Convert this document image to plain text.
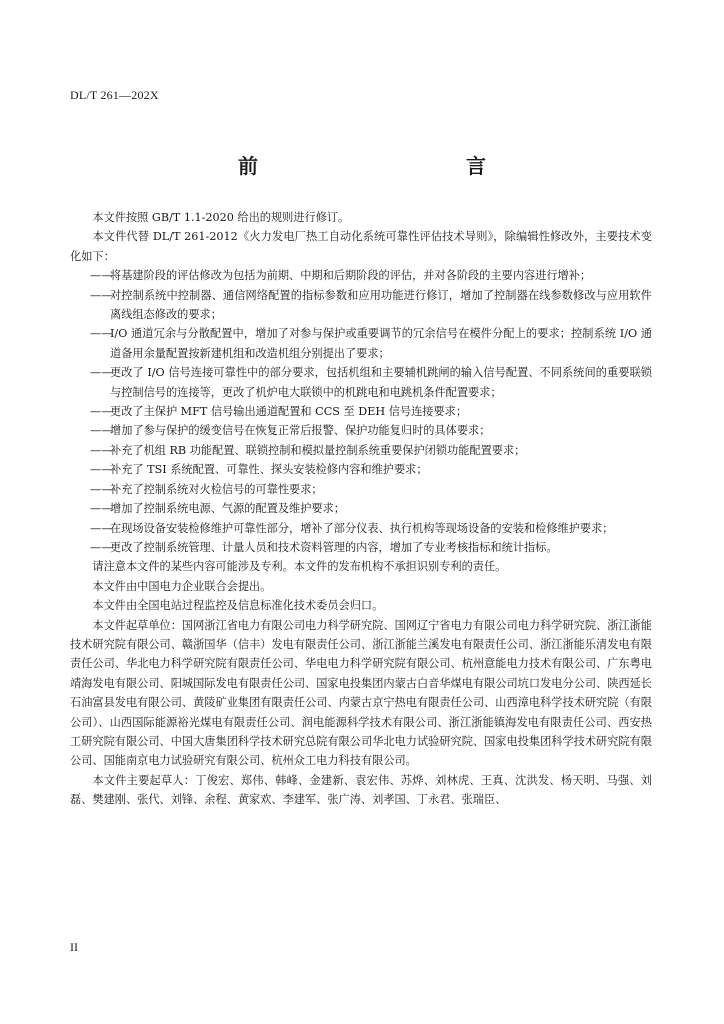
DL/T 261—202X
前　　言

本文件按照 GB/T 1.1-2020 给出的规则进行修订。

本文件代替 DL/T 261-2012《火力发电厂热工自动化系统可靠性评估技术导则》，除编辑性修改外，主要技术变化如下：

——
将基建阶段的评估修改为包括为前期、中期和后期阶段的评估，并对各阶段的主要内容进行增补；
——
对控制系统中控制器、通信网络配置的指标参数和应用功能进行修订，增加了控制器在线参数修改与应用软件离线组态修改的要求；
——
I/O 通道冗余与分散配置中，增加了对参与保护或重要调节的冗余信号在模件分配上的要求；控制系统 I/O 通道备用余量配置按新建机组和改造机组分别提出了要求；
——
更改了 I/O 信号连接可靠性中的部分要求，包括机组和主要辅机跳闸的输入信号配置、不同系统间的重要联锁与控制信号的连接等，更改了机炉电大联锁中的机跳电和电跳机条件配置要求；
——
更改了主保护 MFT 信号输出通道配置和 CCS 至 DEH 信号连接要求；
——
增加了参与保护的缓变信号在恢复正常后报警、保护功能复归时的具体要求；
——
补充了机组 RB 功能配置、联锁控制和模拟量控制系统重要保护闭锁功能配置要求；
——
补充了 TSI 系统配置、可靠性、探头安装检修内容和维护要求；
——
补充了控制系统对火检信号的可靠性要求；
——
增加了控制系统电源、气源的配置及维护要求；
——
在现场设备安装检修维护可靠性部分，增补了部分仪表、执行机构等现场设备的安装和检修维护要求；
——
更改了控制系统管理、计量人员和技术资料管理的内容，增加了专业考核指标和统计指标。

请注意本文件的某些内容可能涉及专利。本文件的发布机构不承担识别专利的责任。

本文件由中国电力企业联合会提出。

本文件由全国电站过程监控及信息标准化技术委员会归口。

本文件起草单位：国网浙江省电力有限公司电力科学研究院、国网辽宁省电力有限公司电力科学研究院、浙江浙能技术研究院有限公司、赣浙国华（信丰）发电有限责任公司、浙江浙能兰溪发电有限责任公司、浙江浙能乐清发电有限责任公司、华北电力科学研究院有限责任公司、华电电力科学研究院有限公司、杭州意能电力技术有限公司、广东粤电靖海发电有限公司、阳城国际发电有限责任公司、国家电投集团内蒙古白音华煤电有限公司坑口发电分公司、陕西延长石油富县发电有限公司、黄陵矿业集团有限责任公司、内蒙古京宁热电有限责任公司、山西漳电科学技术研究院（有限公司）、山西国际能源裕光煤电有限责任公司、润电能源科学技术有限公司、浙江浙能镇海发电有限责任公司、西安热工研究院有限公司、中国大唐集团科学技术研究总院有限公司华北电力试验研究院、国家电投集团科学技术研究院有限公司、国能南京电力试验研究有限公司、杭州众工电力科技有限公司。

本文件主要起草人：丁俊宏、郑伟、韩峰、金建新、袁宏伟、苏烨、刘林虎、王真、沈洪发、杨天明、马强、刘磊、樊建刚、张代、刘锋、余程、黄家欢、李建军、张广涛、刘孝国、丁永君、张瑞臣、

II
